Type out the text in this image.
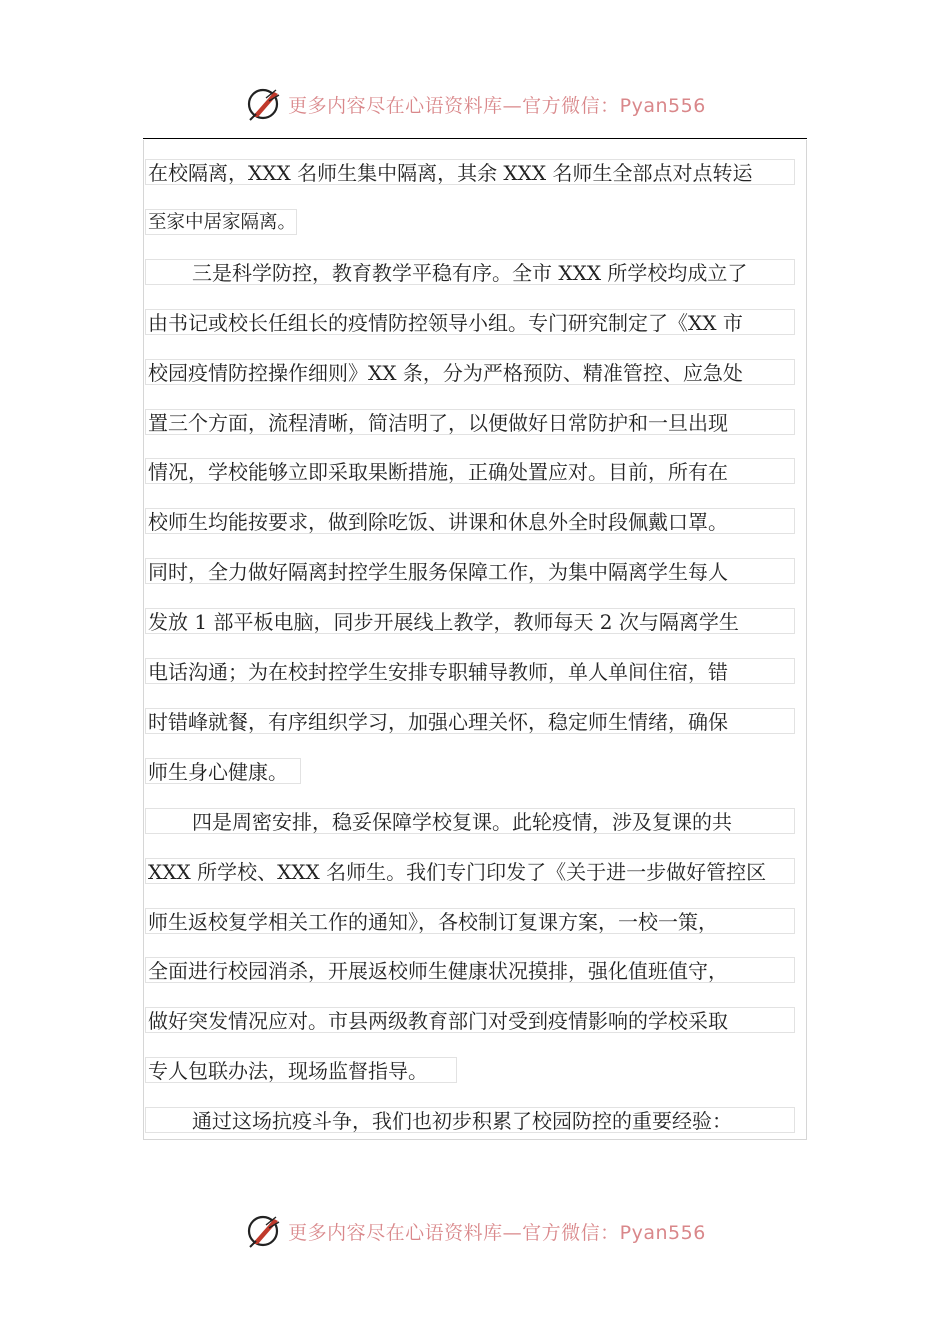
更多内容尽在心语资料库—官方微信：Pyan556
在校隔离，XXX 名师生集中隔离，其余 XXX 名师生全部点对点转运
至家中居家隔离。
三是科学防控，教育教学平稳有序。全市 XXX 所学校均成立了
由书记或校长任组长的疫情防控领导小组。专门研究制定了《XX 市
校园疫情防控操作细则》XX 条，分为严格预防、精准管控、应急处
置三个方面，流程清晰，简洁明了，以便做好日常防护和一旦出现
情况，学校能够立即采取果断措施，正确处置应对。目前，所有在
校师生均能按要求，做到除吃饭、讲课和休息外全时段佩戴口罩。
同时，全力做好隔离封控学生服务保障工作，为集中隔离学生每人
发放 1 部平板电脑，同步开展线上教学，教师每天 2 次与隔离学生
电话沟通；为在校封控学生安排专职辅导教师，单人单间住宿，错
时错峰就餐，有序组织学习，加强心理关怀，稳定师生情绪，确保
师生身心健康。
四是周密安排，稳妥保障学校复课。此轮疫情，涉及复课的共
XXX 所学校、XXX 名师生。我们专门印发了《关于进一步做好管控区
师生返校复学相关工作的通知》，各校制订复课方案，一校一策，
全面进行校园消杀，开展返校师生健康状况摸排，强化值班值守，
做好突发情况应对。市县两级教育部门对受到疫情影响的学校采取
专人包联办法，现场监督指导。
通过这场抗疫斗争，我们也初步积累了校园防控的重要经验：
更多内容尽在心语资料库—官方微信：Pyan556
